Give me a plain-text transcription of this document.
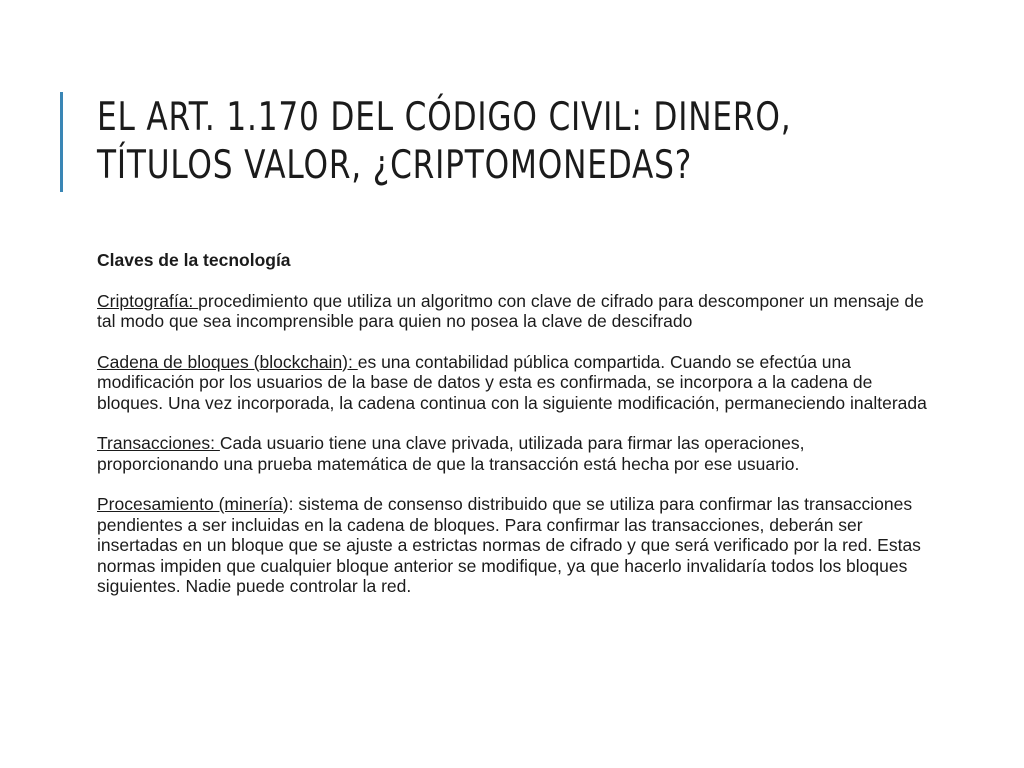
EL ART. 1.170 DEL CÓDIGO CIVIL: DINERO,
TÍTULOS VALOR, ¿CRIPTOMONEDAS?

Claves de la tecnología

Criptografía: procedimiento que utiliza un algoritmo con clave de cifrado para descomponer un mensaje de tal modo que sea incomprensible para quien no posea la clave de descifrado

Cadena de bloques (blockchain): es una contabilidad pública compartida. Cuando se efectúa una modificación por los usuarios de la base de datos y esta es confirmada, se incorpora a la cadena de bloques. Una vez incorporada, la cadena continua con la siguiente modificación, permaneciendo inalterada

Transacciones: Cada usuario tiene una clave privada, utilizada para firmar las operaciones, proporcionando una prueba matemática de que la transacción está hecha por ese usuario.

Procesamiento (minería): sistema de consenso distribuido que se utiliza para confirmar las transacciones pendientes a ser incluidas en la cadena de bloques. Para confirmar las transacciones, deberán ser insertadas en un bloque que se ajuste a estrictas normas de cifrado y que será verificado por la red. Estas normas impiden que cualquier bloque anterior se modifique, ya que hacerlo invalidaría todos los bloques siguientes. Nadie puede controlar la red.
